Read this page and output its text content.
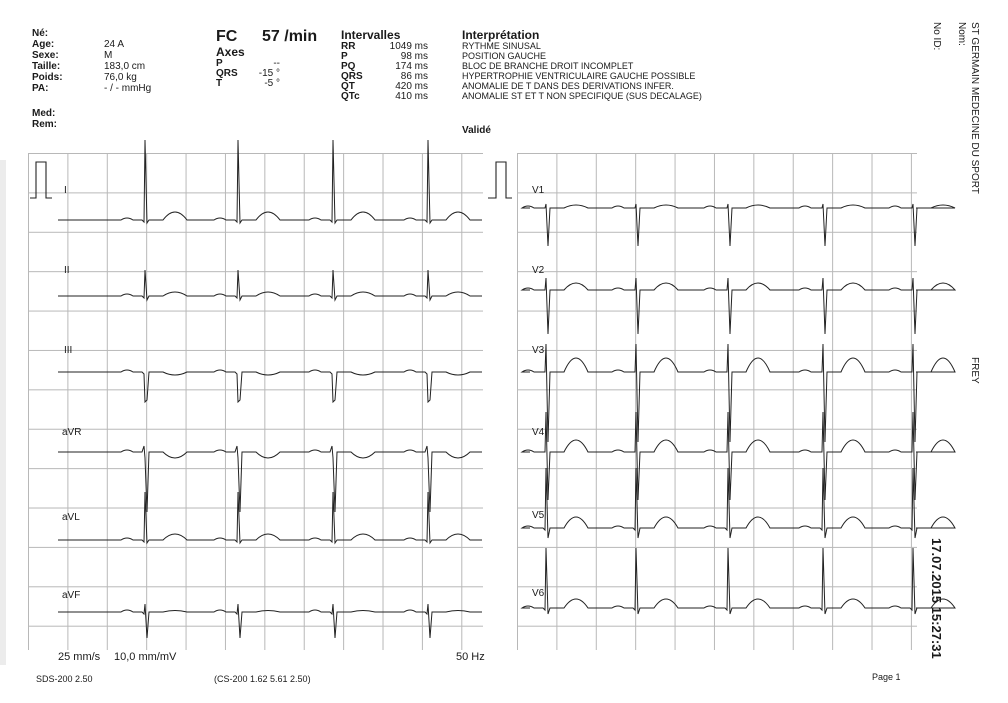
Né:
Age:	24 A
Sexe:	M
Taille:	183,0 cm
Poids:	76,0 kg
PA:	- / - mmHg
Med:
Rem:
FC 57 /min
Axes
P	--
QRS	-15 °
T	-5 °
Intervalles
RR	1049 ms
P	98 ms
PQ	174 ms
QRS	86 ms
QT	420 ms
QTc	410 ms
Interprétation
RYTHME SINUSAL
POSITION GAUCHE
BLOC DE BRANCHE DROIT INCOMPLET
HYPERTROPHIE VENTRICULAIRE GAUCHE POSSIBLE
ANOMALIE DE T DANS DES DERIVATIONS INFER.
ANOMALIE ST ET T NON SPECIFIQUE (SUS DECALAGE)
Validé
I
II
III
aVR
aVL
aVF
V1
V2
V3
V4
V5
V6
25 mm/s 10,0 mm/mV	50 Hz
SDS-200 2.50	(CS-200 1.62 5.61 2.50)	Page 1
Nom:
No ID:	ST GERMAIN MEDECINE DU SPORT
FREY
17.07.2015 15:27:31
